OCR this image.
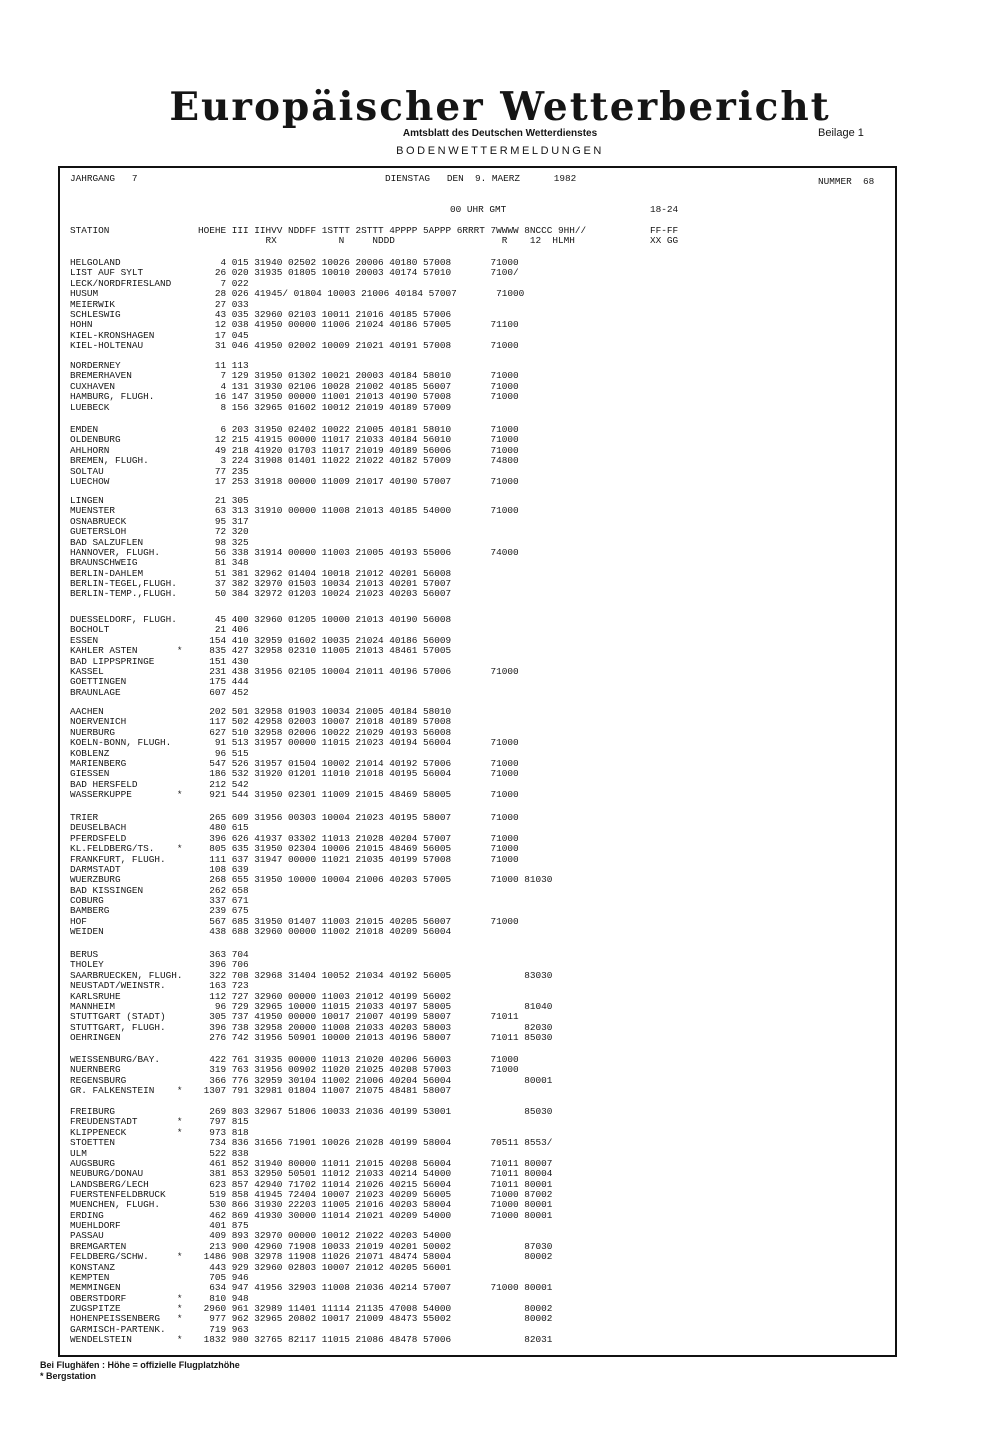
Europäischer Wetterbericht
Amtsblatt des Deutschen Wetterdienstes	Beilage 1
BODENWETTERMELDUNGEN
JAHRGANG   7	DIENSTAG   DEN  9. MAERZ      1982	NUMMER  68
00 UHR GMT	18-24
STATION	HOEHE III IIHVV NDDFF 1STTT 2STTT 4PPPP 5APPP 6RRRT 7WWWW 8NCCC 9HH//
RX           N     NDDD                   R    12  HLMH
FF-FF
XX GG
HELGOLAND	4 015 31940 02502 10026 20006 40180 57008       71000
LIST AUF SYLT	26 020 31935 01805 10010 20003 40174 57010       7100/
LECK/NORDFRIESLAND	7 022
HUSUM	28 026 41945/ 01804 10003 21006 40184 57007       71000
MEIERWIK	27 033
SCHLESWIG	43 035 32960 02103 10011 21016 40185 57006
HOHN	12 038 41950 00000 11006 21024 40186 57005       71100
KIEL-KRONSHAGEN	17 045
KIEL-HOLTENAU	31 046 41950 02002 10009 21021 40191 57008       71000
NORDERNEY	11 113
BREMERHAVEN	7 129 31950 01302 10021 20003 40184 58010       71000
CUXHAVEN	4 131 31930 02106 10028 21002 40185 56007       71000
HAMBURG, FLUGH.	16 147 31950 00000 11001 21013 40190 57008       71000
LUEBECK	8 156 32965 01602 10012 21019 40189 57009
EMDEN	6 203 31950 02402 10022 21005 40181 58010       71000
OLDENBURG	12 215 41915 00000 11017 21033 40184 56010       71000
AHLHORN	49 218 41920 01703 11017 21019 40189 56006       71000
BREMEN, FLUGH.	3 224 31908 01401 11022 21022 40182 57009       74800
SOLTAU	77 235
LUECHOW	17 253 31918 00000 11009 21017 40190 57007       71000
LINGEN	21 305
MUENSTER	63 313 31910 00000 11008 21013 40185 54000       71000
OSNABRUECK	95 317
GUETERSLOH	72 320
BAD SALZUFLEN	98 325
HANNOVER, FLUGH.	56 338 31914 00000 11003 21005 40193 55006       74000
BRAUNSCHWEIG	81 348
BERLIN-DAHLEM	51 381 32962 01404 10018 21012 40201 56008
BERLIN-TEGEL,FLUGH. 37 382 32970 01503 10034 21013 40201 57007
BERLIN-TEMP.,FLUGH. 50 384 32972 01203 10024 21023 40203 56007
DUESSELDORF, FLUGH. 45 400 32960 01205 10000 21013 40190 56008
BOCHOLT	21 406
ESSEN	154 410 32959 01602 10035 21024 40186 56009
KAHLER ASTEN       * 835 427 32958 02310 11005 21013 48461 57005
BAD LIPPSPRINGE	151 430
KASSEL	231 438 31956 02105 10004 21011 40196 57006       71000
GOETTINGEN	175 444
BRAUNLAGE	607 452
AACHEN	202 501 32958 01903 10034 21005 40184 58010
NOERVENICH	117 502 42958 02003 10007 21018 40189 57008
NUERBURG	627 510 32958 02006 10022 21029 40193 56008
KOELN-BONN, FLUGH.	91 513 31957 00000 11015 21023 40194 56004       71000
KOBLENZ	96 515
MARIENBERG	547 526 31957 01504 10002 21014 40192 57006       71000
GIESSEN	186 532 31920 01201 11010 21018 40195 56004       71000
BAD HERSFELD	212 542
WASSERKUPPE        * 921 544 31950 02301 11009 21015 48469 58005       71000
TRIER	265 609 31956 00303 10004 21023 40195 58007       71000
DEUSELBACH	480 615
PFERDSFELD	396 626 41937 03302 11013 21028 40204 57007       71000
KL.FELDBERG/TS.    * 805 635 31950 02304 10006 21015 48469 56005       71000
FRANKFURT, FLUGH.	111 637 31947 00000 11021 21035 40199 57008       71000
DARMSTADT	108 639
WUERZBURG	268 655 31950 10000 10004 21006 40203 57005       71000 81030
BAD KISSINGEN	262 658
COBURG	337 671
BAMBERG	239 675
HOF	567 685 31950 01407 11003 21015 40205 56007       71000
WEIDEN	438 688 32960 00000 11002 21018 40209 56004
BERUS	363 704
THOLEY	396 706
SAARBRUECKEN, FLUGH. 322 708 32968 31404 10052 21034 40192 56005             83030
NEUSTADT/WEINSTR.	163 723
KARLSRUHE	112 727 32960 00000 11003 21012 40199 56002
MANNHEIM	96 729 32965 10000 11015 21033 40197 58005             81040
STUTTGART (STADT)	305 737 41950 00000 10017 21007 40199 58007       71011
STUTTGART, FLUGH.	396 738 32958 20000 11008 21033 40203 58003             82030
OEHRINGEN	276 742 31956 50901 10000 21013 40196 58007       71011 85030
WEISSENBURG/BAY.	422 761 31935 00000 11013 21020 40206 56003       71000
NUERNBERG	319 763 31956 00902 11020 21025 40208 57003       71000
REGENSBURG	366 776 32959 30104 11002 21006 40204 56004             80001
GR. FALKENSTEIN    * 1307 791 32981 01804 11007 21075 48481 58007
FREIBURG	269 803 32967 51806 10033 21036 40199 53001             85030
FREUDENSTADT       * 797 815
KLIPPENECK         * 973 818
STOETTEN	734 836 31656 71901 10026 21028 40199 58004       70511 8553/
ULM	522 838
AUGSBURG	461 852 31940 80000 11011 21015 40208 56004       71011 80007
NEUBURG/DONAU	381 853 32950 50501 11012 21033 40214 54000       71011 80004
LANDSBERG/LECH	623 857 42940 71702 11014 21026 40215 56004       71011 80001
FUERSTENFELDBRUCK	519 858 41945 72404 10007 21023 40209 56005       71000 87002
MUENCHEN, FLUGH.	530 866 31930 22203 11005 21016 40203 58004       71000 80001
ERDING	462 869 41930 30000 11014 21021 40209 54000       71000 80001
MUEHLDORF	401 875
PASSAU	409 893 32970 00000 10012 21022 40203 54000
BREMGARTEN	213 900 42960 71908 10033 21019 40201 50002             87030
FELDBERG/SCHW.     * 1486 908 32978 11908 11026 21071 48474 58004             80002
KONSTANZ	443 929 32960 02803 10007 21012 40205 56001
KEMPTEN	705 946
MEMMINGEN	634 947 41956 32903 11008 21036 40214 57007       71000 80001
OBERSTDORF         * 810 948
ZUGSPITZE          * 2960 961 32989 11401 11114 21135 47008 54000             80002
HOHENPEISSENBERG   * 977 962 32965 20802 10017 21009 48473 55002             80002
GARMISCH-PARTENK.	719 963
WENDELSTEIN        * 1832 980 32765 82117 11015 21086 48478 57006             82031
Bei Flughäfen : Höhe = offizielle Flugplatzhöhe
* Bergstation
